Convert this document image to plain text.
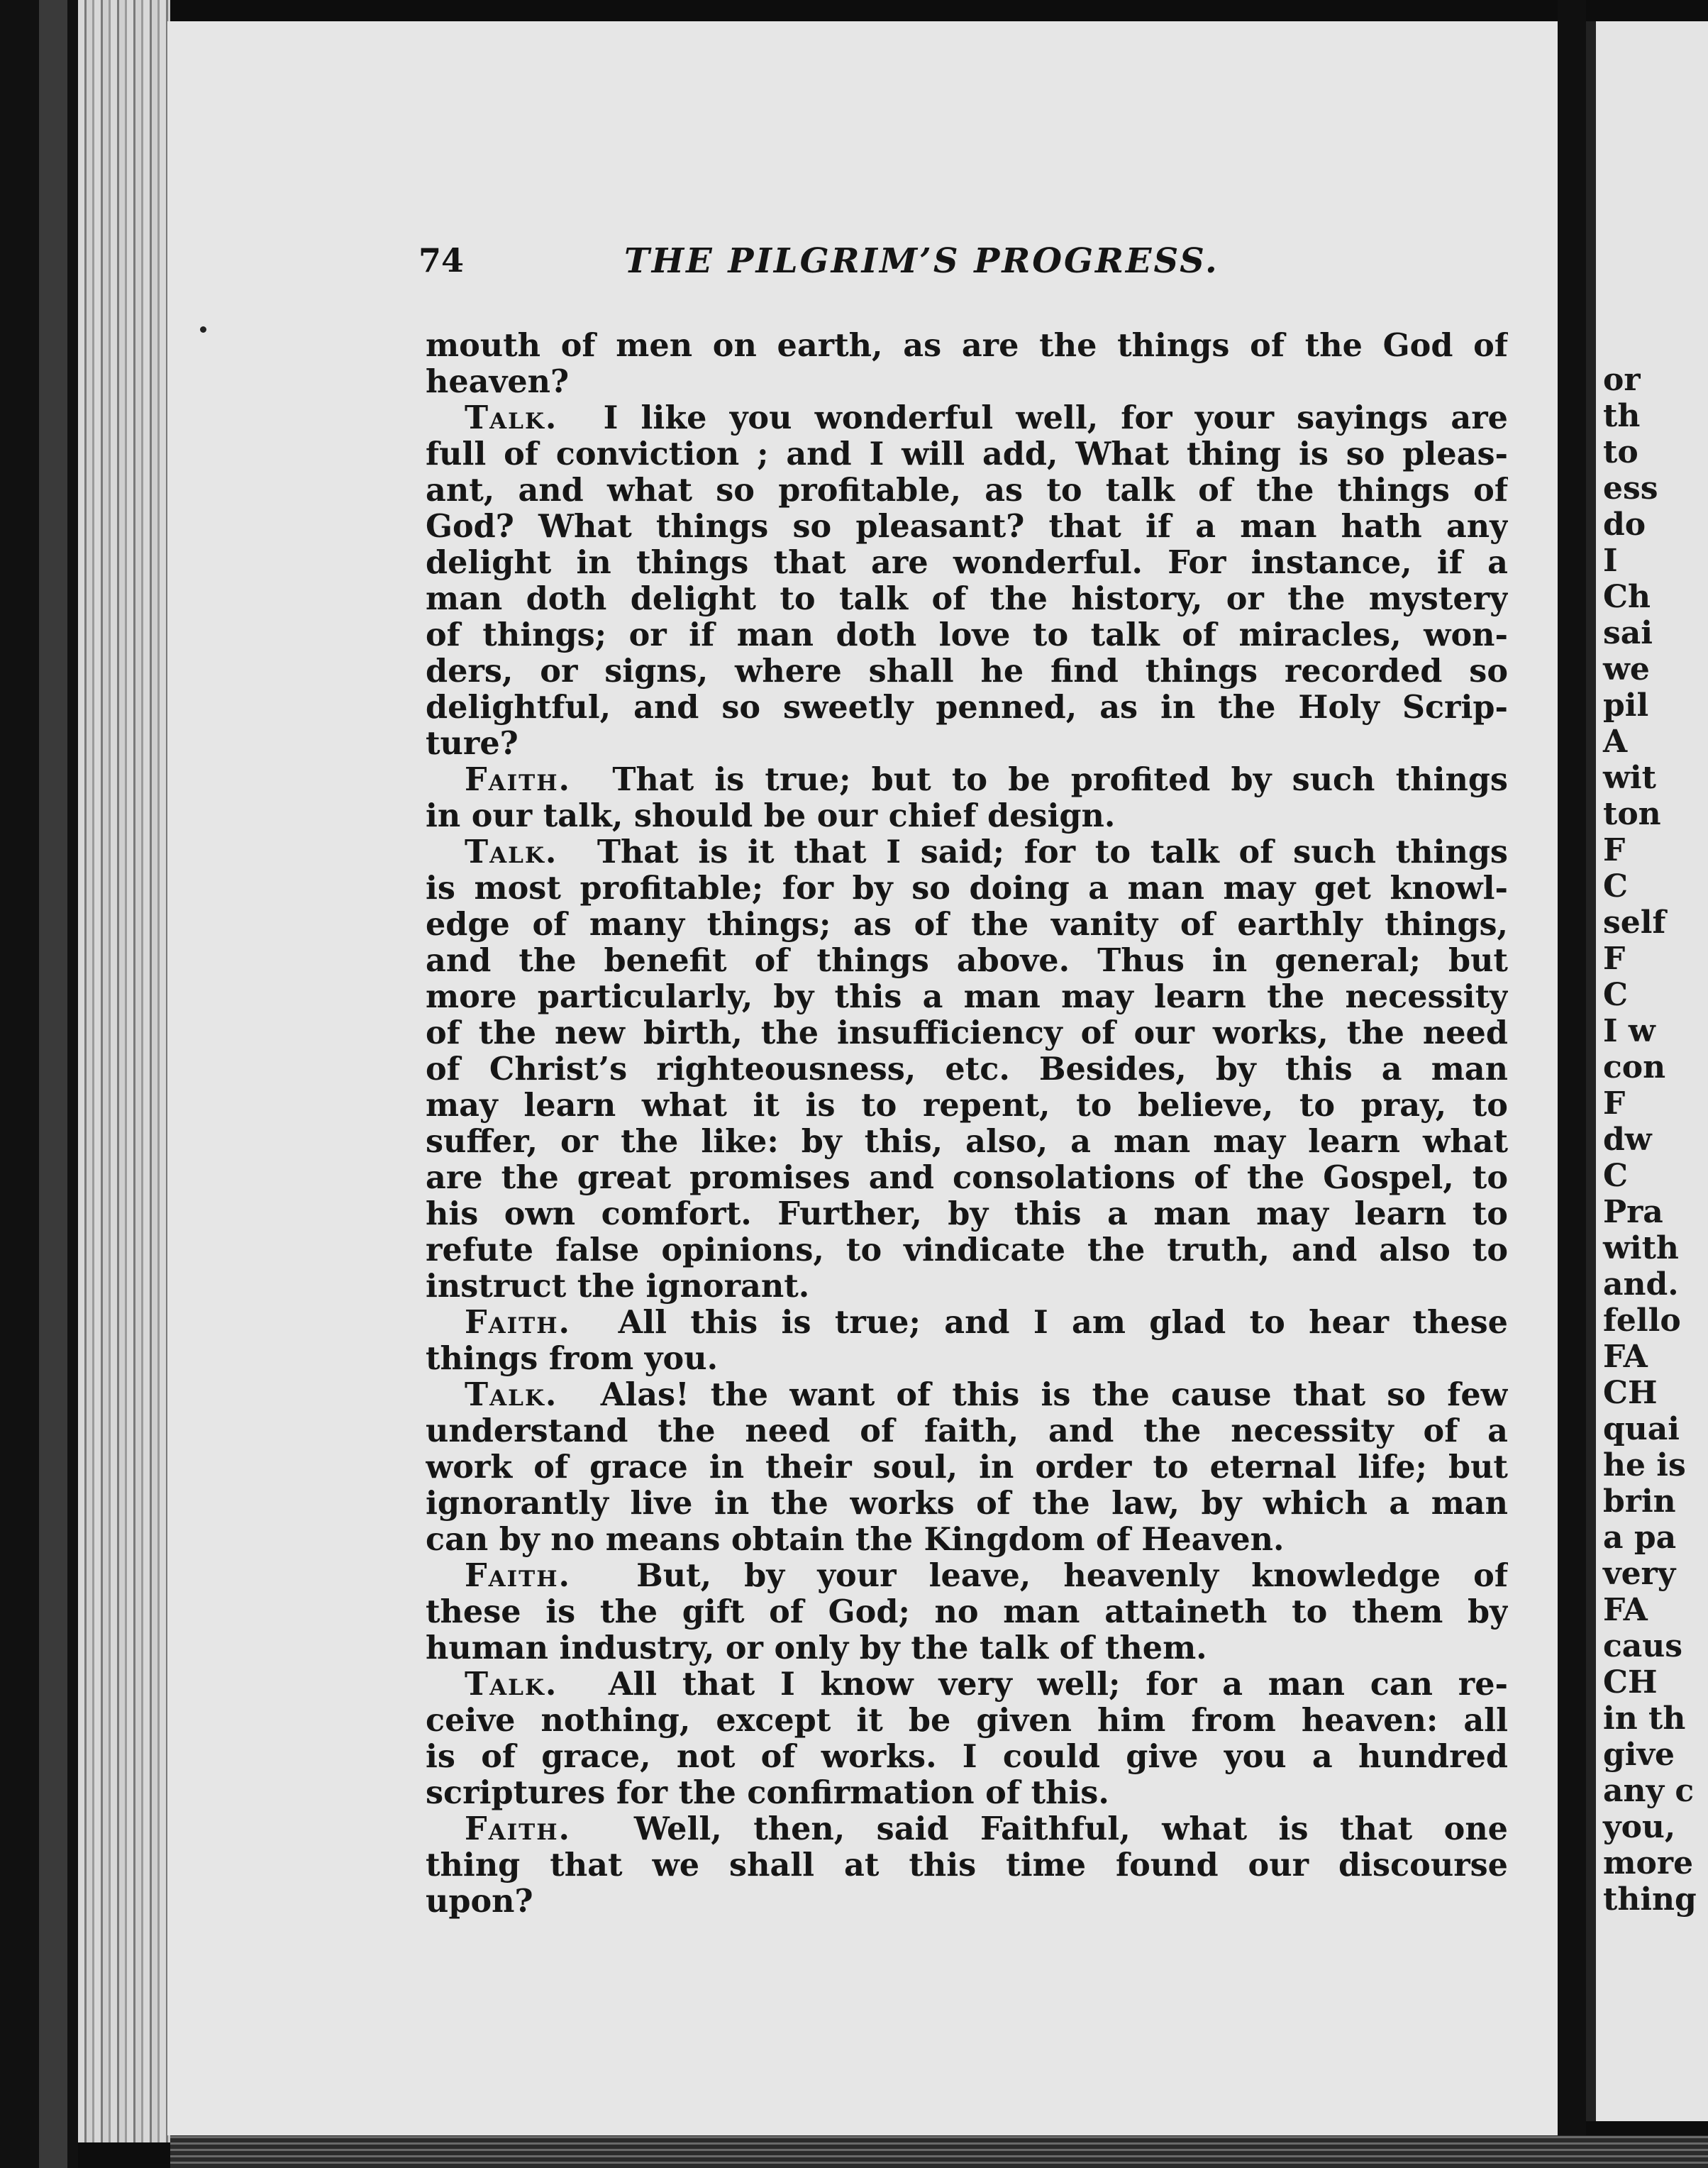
74	THE PILGRIM’S PROGRESS.
mouth of men on earth, as are the things of the God of
heaven?
Talk. I like you wonderful well, for your sayings are
full of conviction ; and I will add, What thing is so pleas-
ant, and what so profitable, as to talk of the things of
God? What things so pleasant? that if a man hath any
delight in things that are wonderful. For instance, if a
man doth delight to talk of the history, or the mystery
of things; or if man doth love to talk of miracles, won-
ders, or signs, where shall he find things recorded so
delightful, and so sweetly penned, as in the Holy Scrip-
ture?
Faith. That is true; but to be profited by such things
in our talk, should be our chief design.
Talk. That is it that I said; for to talk of such things
is most profitable; for by so doing a man may get knowl-
edge of many things; as of the vanity of earthly things,
and the benefit of things above. Thus in general; but
more particularly, by this a man may learn the necessity
of the new birth, the insufficiency of our works, the need
of Christ’s righteousness, etc. Besides, by this a man
may learn what it is to repent, to believe, to pray, to
suffer, or the like: by this, also, a man may learn what
are the great promises and consolations of the Gospel, to
his own comfort. Further, by this a man may learn to
refute false opinions, to vindicate the truth, and also to
instruct the ignorant.
Faith. All this is true; and I am glad to hear these
things from you.
Talk. Alas! the want of this is the cause that so few
understand the need of faith, and the necessity of a
work of grace in their soul, in order to eternal life; but
ignorantly live in the works of the law, by which a man
can by no means obtain the Kingdom of Heaven.
Faith. But, by your leave, heavenly knowledge of
these is the gift of God; no man attaineth to them by
human industry, or only by the talk of them.
Talk. All that I know very well; for a man can re-
ceive nothing, except it be given him from heaven: all
is of grace, not of works. I could give you a hundred
scriptures for the confirmation of this.
Faith. Well, then, said Faithful, what is that one
thing that we shall at this time found our discourse
upon?
or
th
to
ess
do
I
Ch
sai
we
pil
A
wit
ton
F
C
self
F
C
I w
con
F
dw
C
Pra
with
and.
fello
FA
CH
quai
he is
brin
a pa
very
FA
caus
CH
in th
give
any c
you,
more
thing
